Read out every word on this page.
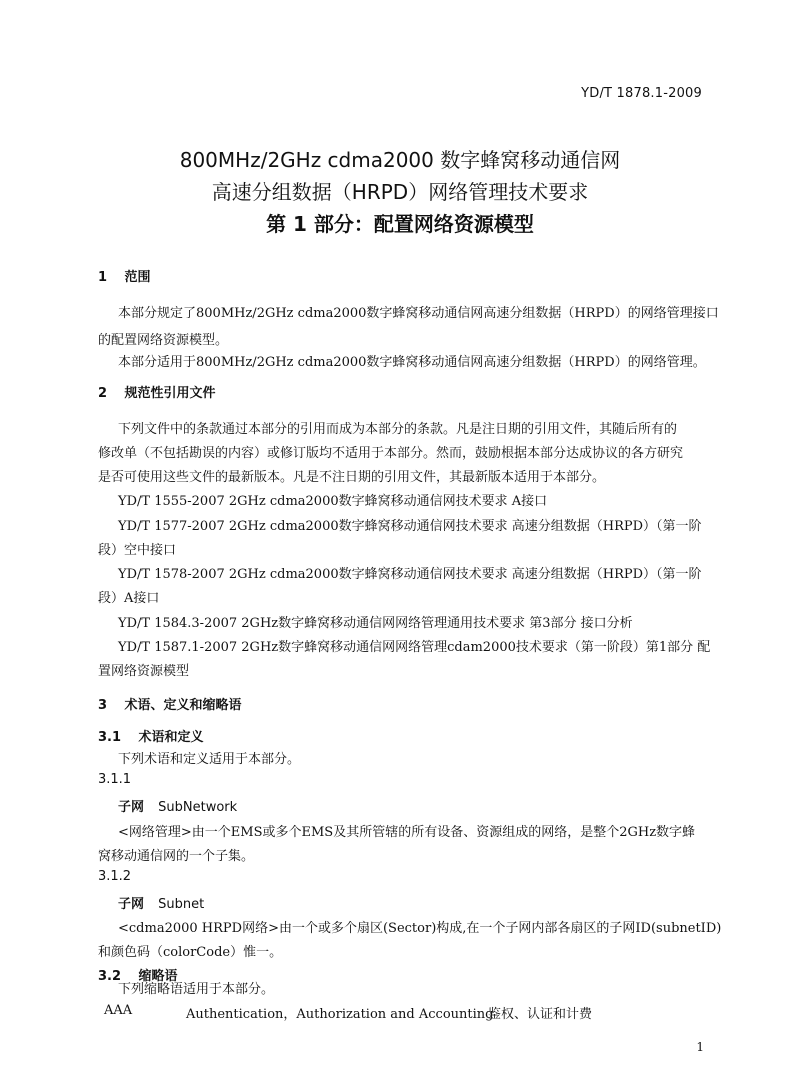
YD/T 1878.1-2009
800MHz/2GHz cdma2000 数字蜂窝移动通信网
高速分组数据（HRPD）网络管理技术要求
第 1 部分：配置网络资源模型
1 范围
本部分规定了800MHz/2GHz cdma2000数字蜂窝移动通信网高速分组数据（HRPD）的网络管理接口
的配置网络资源模型。
本部分适用于800MHz/2GHz cdma2000数字蜂窝移动通信网高速分组数据（HRPD）的网络管理。
2 规范性引用文件
下列文件中的条款通过本部分的引用而成为本部分的条款。凡是注日期的引用文件，其随后所有的
修改单（不包括勘误的内容）或修订版均不适用于本部分。然而，鼓励根据本部分达成协议的各方研究
是否可使用这些文件的最新版本。凡是不注日期的引用文件，其最新版本适用于本部分。
YD/T 1555-2007 2GHz cdma2000数字蜂窝移动通信网技术要求 A接口
YD/T 1577-2007 2GHz cdma2000数字蜂窝移动通信网技术要求 高速分组数据（HRPD）（第一阶
段）空中接口
YD/T 1578-2007 2GHz cdma2000数字蜂窝移动通信网技术要求 高速分组数据（HRPD）（第一阶
段）A接口
YD/T 1584.3-2007 2GHz数字蜂窝移动通信网网络管理通用技术要求 第3部分 接口分析
YD/T 1587.1-2007 2GHz数字蜂窝移动通信网网络管理cdam2000技术要求（第一阶段）第1部分 配
置网络资源模型
3 术语、定义和缩略语
3.1 术语和定义
下列术语和定义适用于本部分。
3.1.1
子网 SubNetwork
<网络管理>由一个EMS或多个EMS及其所管辖的所有设备、资源组成的网络，是整个2GHz数字蜂
窝移动通信网的一个子集。
3.1.2
子网 Subnet
<cdma2000 HRPD网络>由一个或多个扇区(Sector)构成,在一个子网内部各扇区的子网ID(subnetID)
和颜色码（colorCode）惟一。
3.2 缩略语
下列缩略语适用于本部分。
AAA	Authentication，Authorization and Accounting
鉴权、认证和计费
1
